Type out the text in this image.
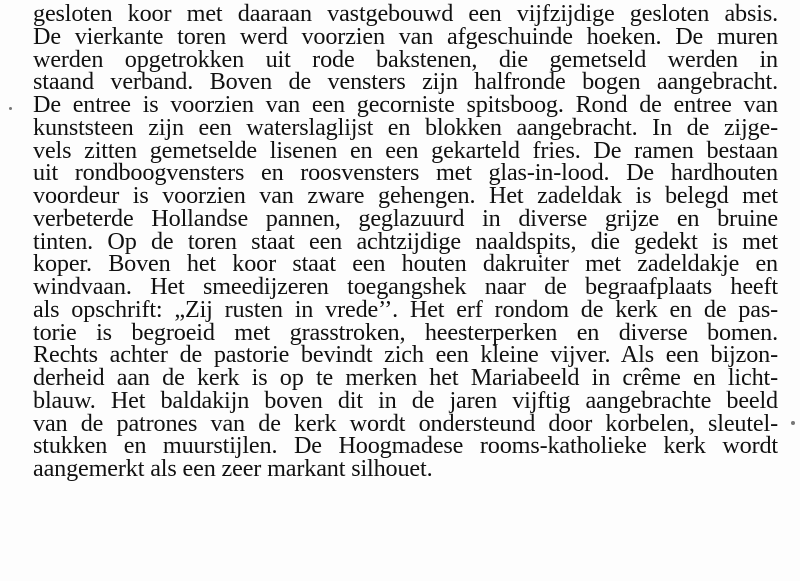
gesloten koor met daaraan vastgebouwd een vijfzijdige gesloten absis.
De vierkante toren werd voorzien van afgeschuinde hoeken. De muren
werden opgetrokken uit rode bakstenen, die gemetseld werden in
staand verband. Boven de vensters zijn halfronde bogen aangebracht.
De entree is voorzien van een gecorniste spitsboog. Rond de entree van
kunststeen zijn een waterslaglijst en blokken aangebracht. In de zijge-
vels zitten gemetselde lisenen en een gekarteld fries. De ramen bestaan
uit rondboogvensters en roosvensters met glas-in-lood. De hardhouten
voordeur is voorzien van zware gehengen. Het zadeldak is belegd met
verbeterde Hollandse pannen, geglazuurd in diverse grijze en bruine
tinten. Op de toren staat een achtzijdige naaldspits, die gedekt is met
koper. Boven het koor staat een houten dakruiter met zadeldakje en
windvaan. Het smeedijzeren toegangshek naar de begraafplaats heeft
als opschrift: „Zij rusten in vrede’’. Het erf rondom de kerk en de pas-
torie is begroeid met grasstroken, heesterperken en diverse bomen.
Rechts achter de pastorie bevindt zich een kleine vijver. Als een bijzon-
derheid aan de kerk is op te merken het Mariabeeld in crême en licht-
blauw. Het baldakijn boven dit in de jaren vijftig aangebrachte beeld
van de patrones van de kerk wordt ondersteund door korbelen, sleutel-
stukken en muurstijlen. De Hoogmadese rooms-katholieke kerk wordt
aangemerkt als een zeer markant silhouet.
